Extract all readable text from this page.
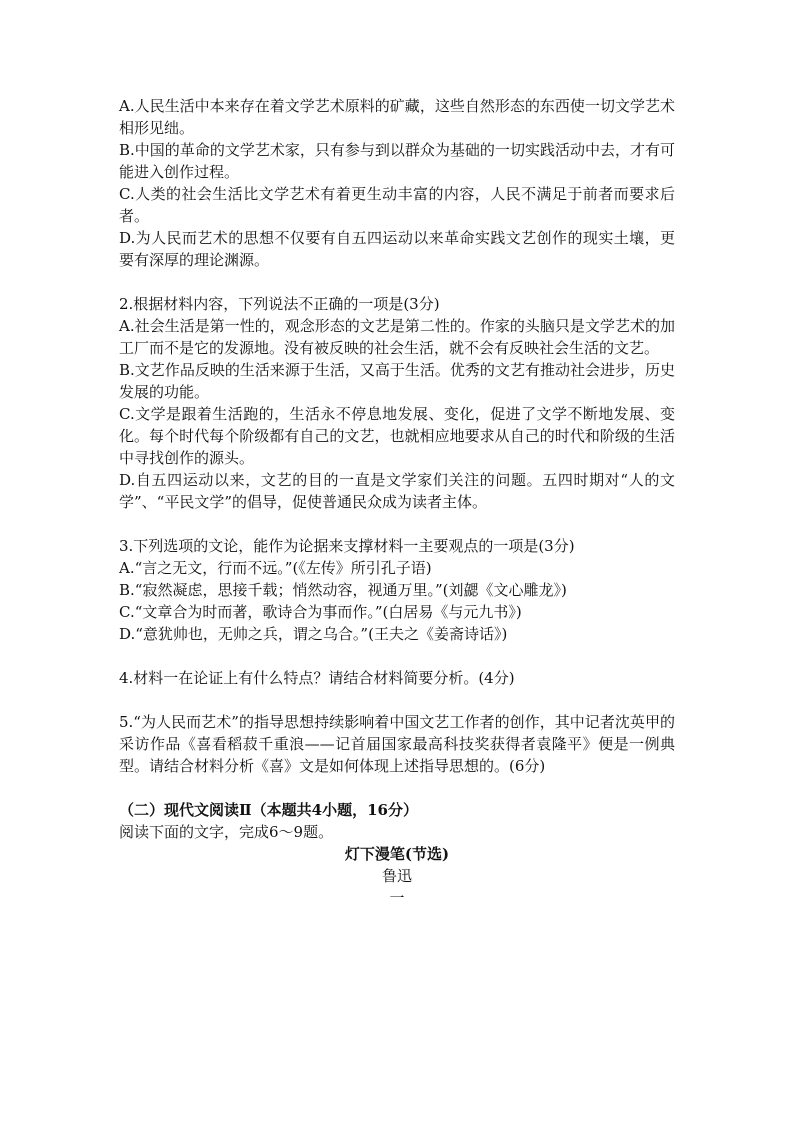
A.人民生活中本来存在着文学艺术原料的矿藏，这些自然形态的东西使一切文学艺术相形见绌。

B.中国的革命的文学艺术家，只有参与到以群众为基础的一切实践活动中去，才有可能进入创作过程。

C.人类的社会生活比文学艺术有着更生动丰富的内容，人民不满足于前者而要求后者。

D.为人民而艺术的思想不仅要有自五四运动以来革命实践文艺创作的现实土壤，更要有深厚的理论渊源。

2.根据材料内容，下列说法不正确的一项是(3分)

A.社会生活是第一性的，观念形态的文艺是第二性的。作家的头脑只是文学艺术的加工厂而不是它的发源地。没有被反映的社会生活，就不会有反映社会生活的文艺。

B.文艺作品反映的生活来源于生活，又高于生活。优秀的文艺有推动社会进步，历史发展的功能。

C.文学是跟着生活跑的，生活永不停息地发展、变化，促进了文学不断地发展、变化。每个时代每个阶级都有自己的文艺，也就相应地要求从自己的时代和阶级的生活中寻找创作的源头。

D.自五四运动以来，文艺的目的一直是文学家们关注的问题。五四时期对“人的文学”、“平民文学”的倡导，促使普通民众成为读者主体。

3.下列选项的文论，能作为论据来支撑材料一主要观点的一项是(3分)

A.“言之无文，行而不远。”(《左传》所引孔子语)

B.“寂然凝虑，思接千载；悄然动容，视通万里。”(刘勰《文心雕龙》)

C.“文章合为时而著，歌诗合为事而作。”(白居易《与元九书》)

D.“意犹帅也，无帅之兵，谓之乌合。”(王夫之《姜斋诗话》)

4.材料一在论证上有什么特点？请结合材料简要分析。(4分)

5.“为人民而艺术”的指导思想持续影响着中国文艺工作者的创作，其中记者沈英甲的采访作品《喜看稻菽千重浪——记首届国家最高科技奖获得者袁隆平》便是一例典型。请结合材料分析《喜》文是如何体现上述指导思想的。(6分)

（二）现代文阅读Ⅱ（本题共4小题，16分）

阅读下面的文字，完成6～9题。

灯下漫笔(节选)

鲁迅

一
